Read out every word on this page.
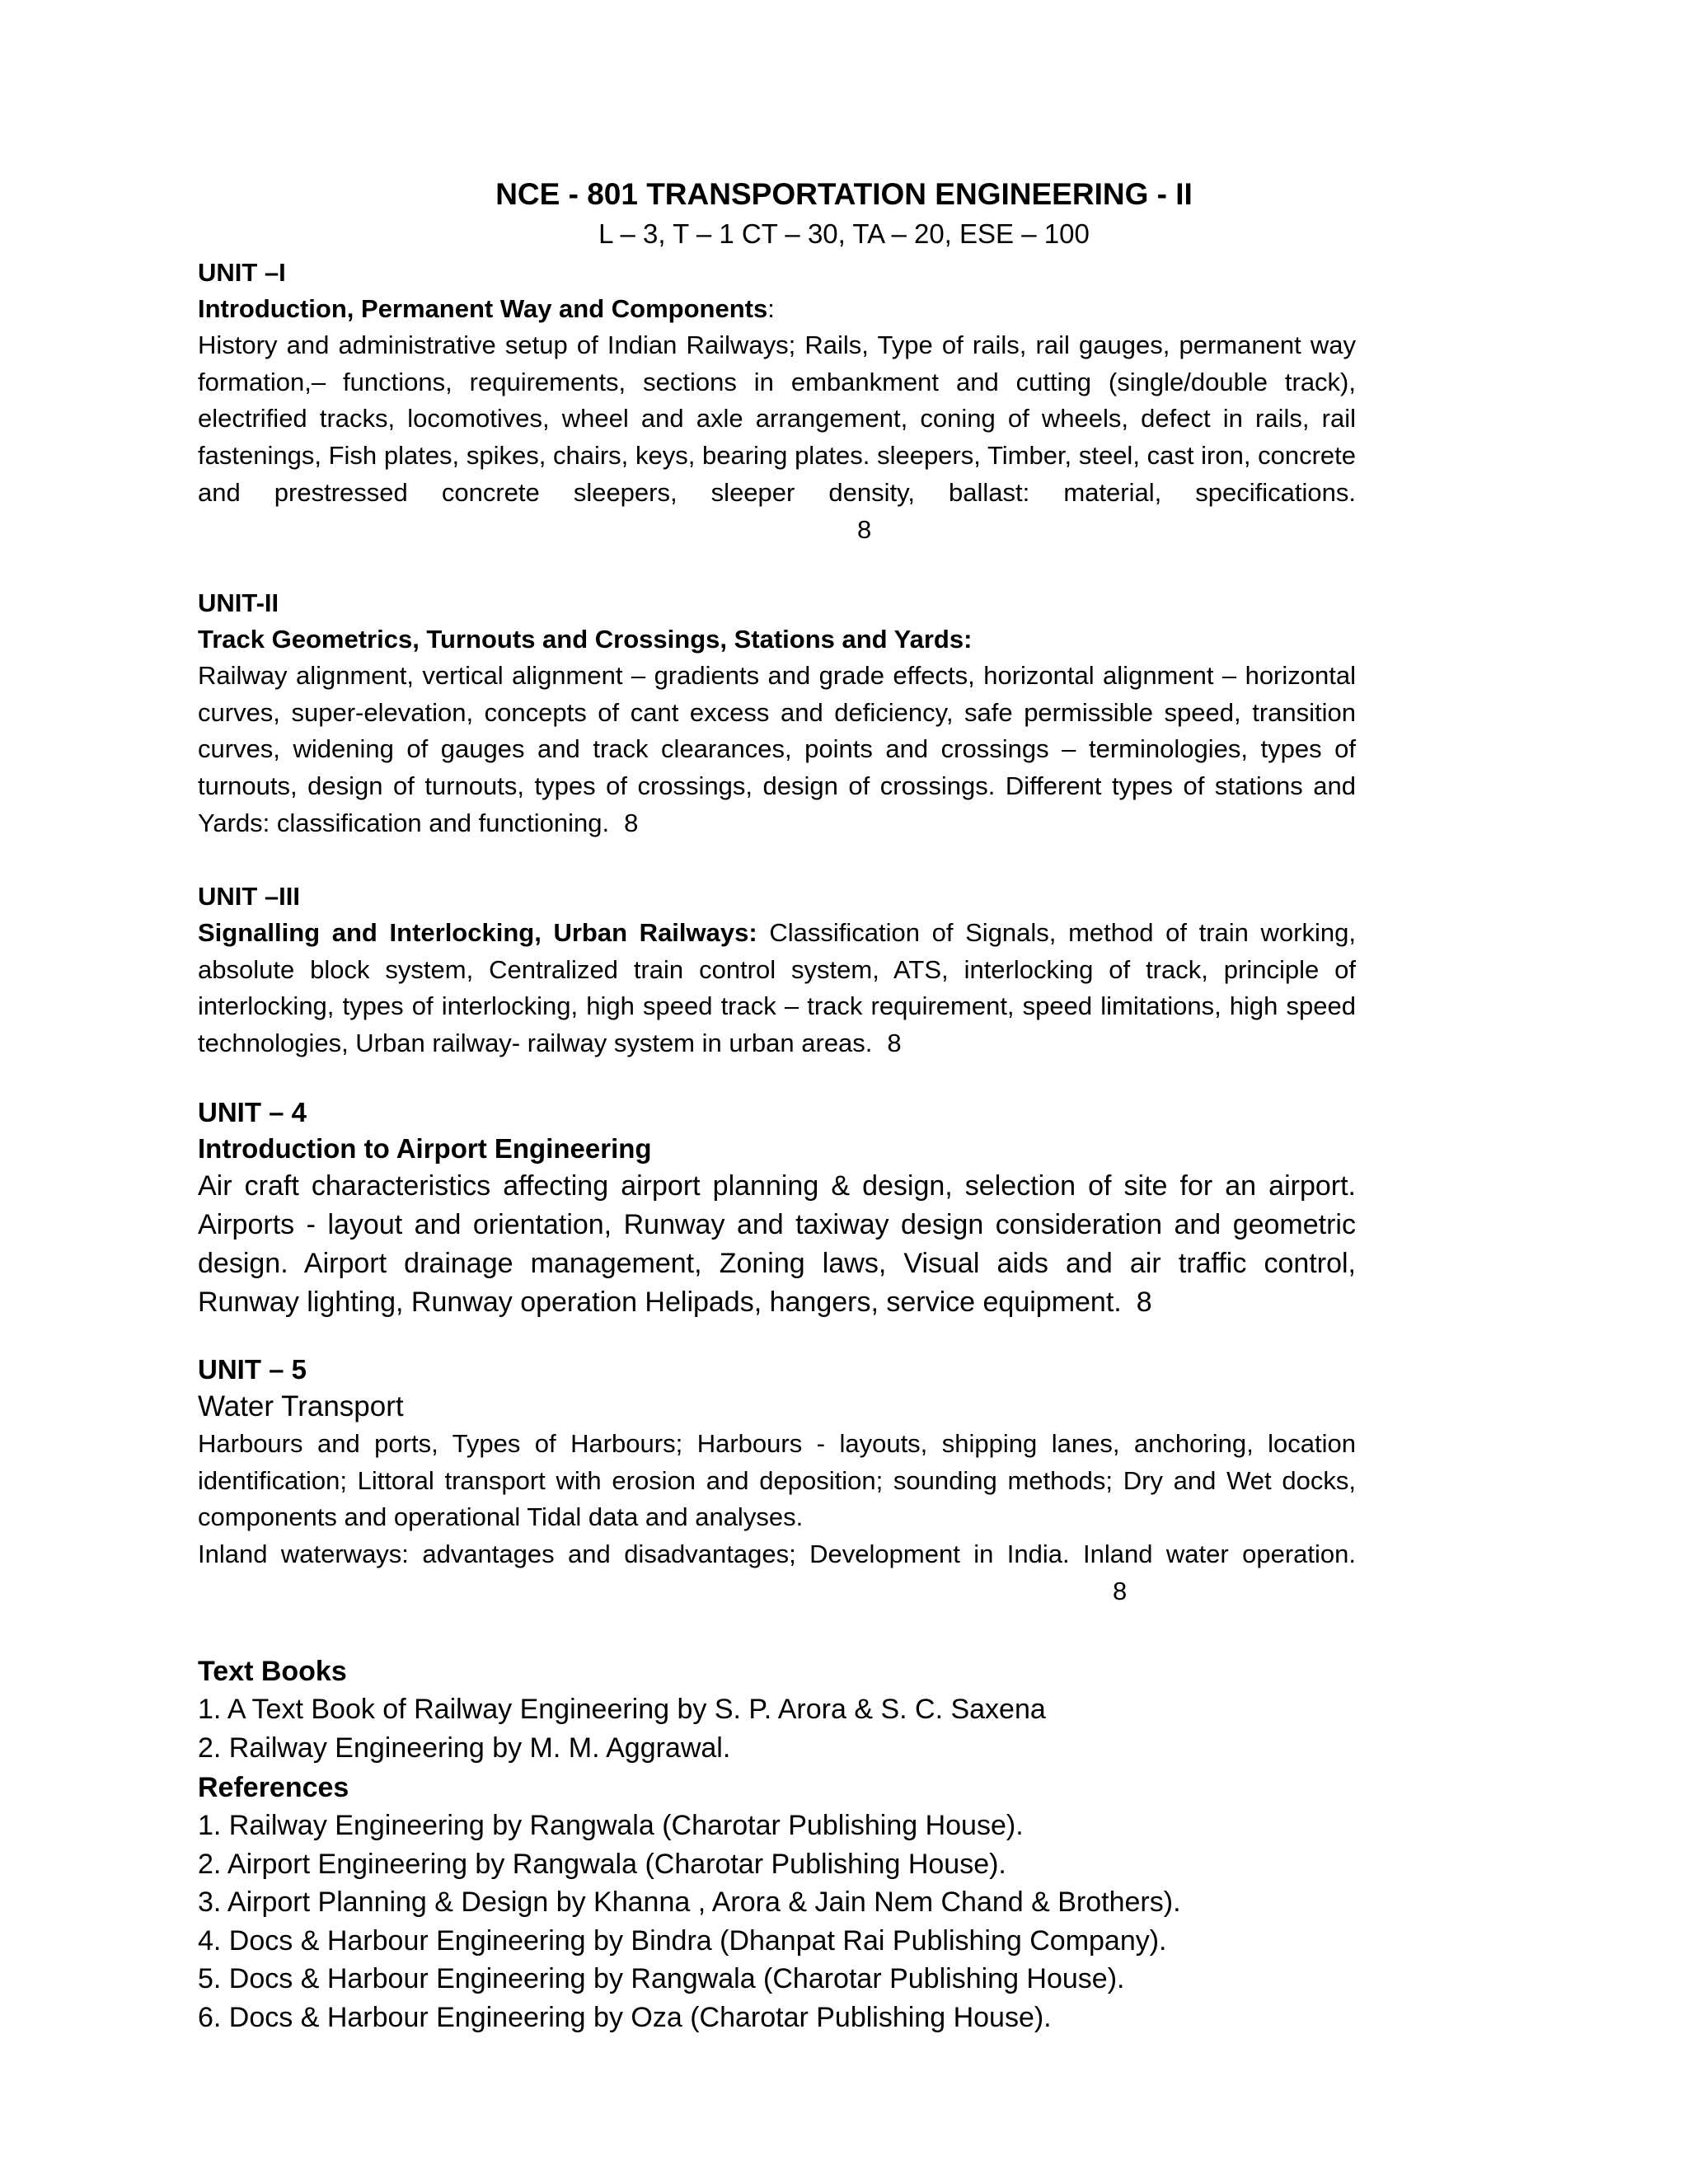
NCE - 801 TRANSPORTATION ENGINEERING - II
L – 3, T – 1 CT – 30, TA – 20, ESE – 100

UNIT –I

Introduction, Permanent Way and Components:

History and administrative setup of Indian Railways; Rails, Type of rails, rail gauges, permanent way formation,– functions, requirements, sections in embankment and cutting (single/double track), electrified tracks, locomotives, wheel and axle arrangement, coning of wheels, defect in rails, rail fastenings, Fish plates, spikes, chairs, keys, bearing plates. sleepers, Timber, steel, cast iron, concrete and prestressed concrete sleepers, sleeper density, ballast: material, specifications.8

UNIT-II

Track Geometrics, Turnouts and Crossings, Stations and Yards:

Railway alignment, vertical alignment – gradients and grade effects, horizontal alignment – horizontal curves, super-elevation, concepts of cant excess and deficiency, safe permissible speed, transition curves, widening of gauges and track clearances, points and crossings – terminologies, types of turnouts, design of turnouts, types of crossings, design of crossings. Different types of stations and Yards: classification and functioning. 8

UNIT –III

Signalling and Interlocking, Urban Railways: Classification of Signals, method of train working, absolute block system, Centralized train control system, ATS, interlocking of track, principle of interlocking, types of interlocking, high speed track – track requirement, speed limitations, high speed technologies, Urban railway- railway system in urban areas. 8

UNIT – 4

Introduction to Airport Engineering

Air craft characteristics affecting airport planning & design, selection of site for an airport. Airports - layout and orientation, Runway and taxiway design consideration and geometric design. Airport drainage management, Zoning laws, Visual aids and air traffic control, Runway lighting, Runway operation Helipads, hangers, service equipment. 8

UNIT – 5

Water Transport

Harbours and ports, Types of Harbours; Harbours - layouts, shipping lanes, anchoring, location identification; Littoral transport with erosion and deposition; sounding methods; Dry and Wet docks, components and operational Tidal data and analyses.

Inland waterways: advantages and disadvantages; Development in India. Inland water operation.8

Text Books

1. A Text Book of Railway Engineering by S. P. Arora & S. C. Saxena

2. Railway Engineering by M. M. Aggrawal.

References

1. Railway Engineering by Rangwala (Charotar Publishing House).

2. Airport Engineering by Rangwala (Charotar Publishing House).

3. Airport Planning & Design by Khanna , Arora & Jain Nem Chand & Brothers).

4. Docs & Harbour Engineering by Bindra (Dhanpat Rai Publishing Company).

5. Docs & Harbour Engineering by Rangwala (Charotar Publishing House).

6. Docs & Harbour Engineering by Oza (Charotar Publishing House).
